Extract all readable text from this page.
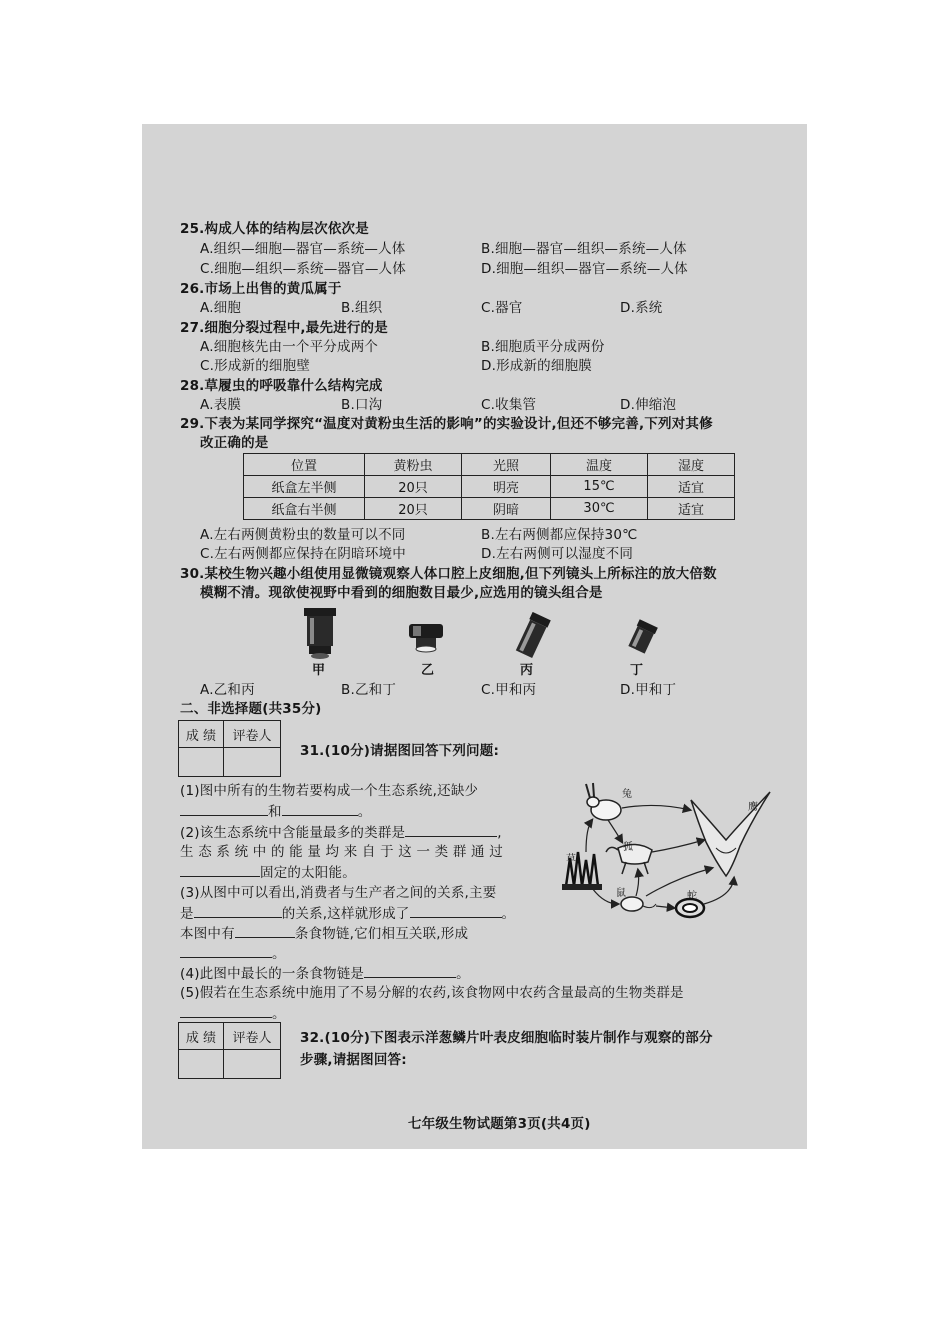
25.构成人体的结构层次依次是
A.组织—细胞—器官—系统—人体	B.细胞—器官—组织—系统—人体
C.细胞—组织—系统—器官—人体	D.细胞—组织—器官—系统—人体
26.市场上出售的黄瓜属于
A.细胞	B.组织	C.器官	D.系统
27.细胞分裂过程中,最先进行的是
A.细胞核先由一个平分成两个	B.细胞质平分成两份
C.形成新的细胞壁	D.形成新的细胞膜
28.草履虫的呼吸靠什么结构完成
A.表膜	B.口沟	C.收集管	D.伸缩泡
29.下表为某同学探究“温度对黄粉虫生活的影响”的实验设计,但还不够完善,下列对其修
改正确的是
位置	黄粉虫	光照	温度	湿度
纸盒左半侧	20只	明亮	15℃	适宜
纸盒右半侧	20只	阴暗	30℃	适宜
A.左右两侧黄粉虫的数量可以不同	B.左右两侧都应保持30℃
C.左右两侧都应保持在阴暗环境中	D.左右两侧可以湿度不同
30.某校生物兴趣小组使用显微镜观察人体口腔上皮细胞,但下列镜头上所标注的放大倍数
模糊不清。现欲使视野中看到的细胞数目最少,应选用的镜头组合是
甲	乙	丙	丁
A.乙和丙	B.乙和丁	C.甲和丙	D.甲和丁
二、非选择题(共35分)
成 绩	评卷人

31.(10分)请据图回答下列问题:
(1)图中所有的生物若要构成一个生态系统,还缺少
和	。
(2)该生态系统中含能量最多的类群是	,
生 态 系 统 中 的 能 量 均 来 自 于 这 一 类 群 通 过
固定的太阳能。
(3)从图中可以看出,消费者与生产者之间的关系,主要
是	的关系,这样就形成了	。
本图中有	条食物链,它们相互关联,形成
。
(4)此图中最长的一条食物链是	。
(5)假若在生态系统中施用了不易分解的农药,该食物网中农药含量最高的生物类群是
。
兔
鹰
狐
草
鼠	蛇
成 绩	评卷人
	32.(10分)下图表示洋葱鳞片叶表皮细胞临时装片制作与观察的部分
步骤,请据图回答:
七年级生物试题第3页(共4页)
